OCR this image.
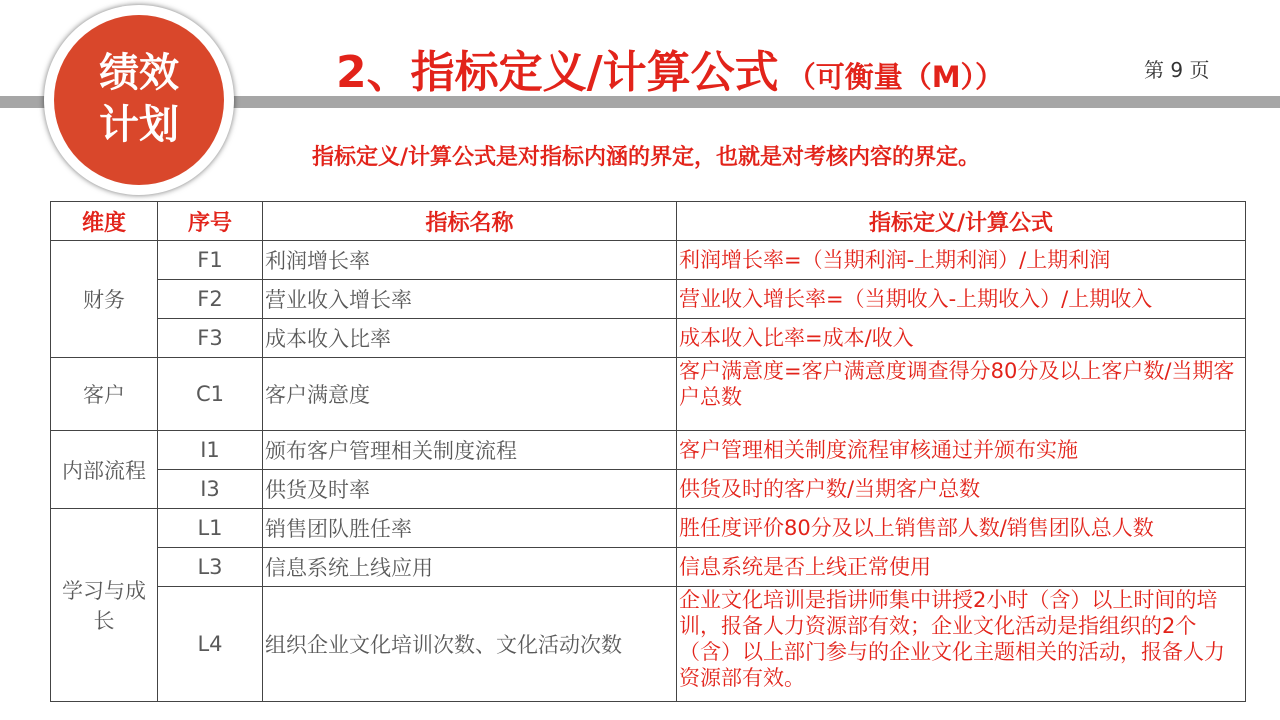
绩效
计划
2、指标定义/计算公式 （可衡量（M））	第 9 页
指标定义/计算公式是对指标内涵的界定，也就是对考核内容的界定。
维度	序号	指标名称	指标定义/计算公式
财务	F1	利润增长率	利润增长率=（当期利润-上期利润）/上期利润
	F2	营业收入增长率	营业收入增长率=（当期收入-上期收入）/上期收入
	F3	成本收入比率	成本收入比率=成本/收入
客户	C1	客户满意度	客户满意度=客户满意度调查得分80分及以上客户数/当期客户总数
内部流程	I1	颁布客户管理相关制度流程	客户管理相关制度流程审核通过并颁布实施
	I3	供货及时率	供货及时的客户数/当期客户总数
学习与成长	L1	销售团队胜任率	胜任度评价80分及以上销售部人数/销售团队总人数
	L3	信息系统上线应用	信息系统是否上线正常使用
	L4	组织企业文化培训次数、文化活动次数	企业文化培训是指讲师集中讲授2小时（含）以上时间的培训，报备人力资源部有效；企业文化活动是指组织的2个（含）以上部门参与的企业文化主题相关的活动，报备人力资源部有效。
